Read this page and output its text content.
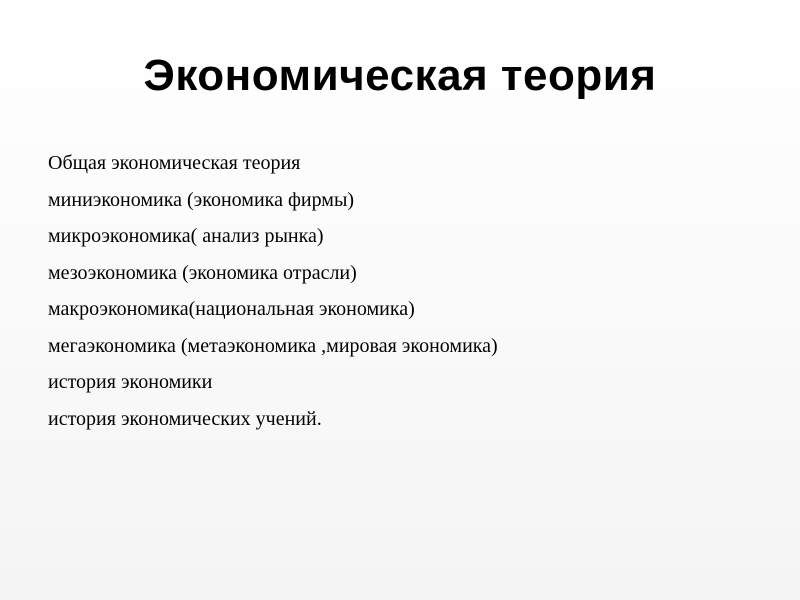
Экономическая теория
Общая экономическая теория
миниэкономика (экономика фирмы)
микроэкономика( анализ рынка)
мезоэкономика (экономика отрасли)
макроэкономика(национальная экономика)
мегаэкономика (метаэкономика ,мировая экономика)
история экономики
история экономических учений.
